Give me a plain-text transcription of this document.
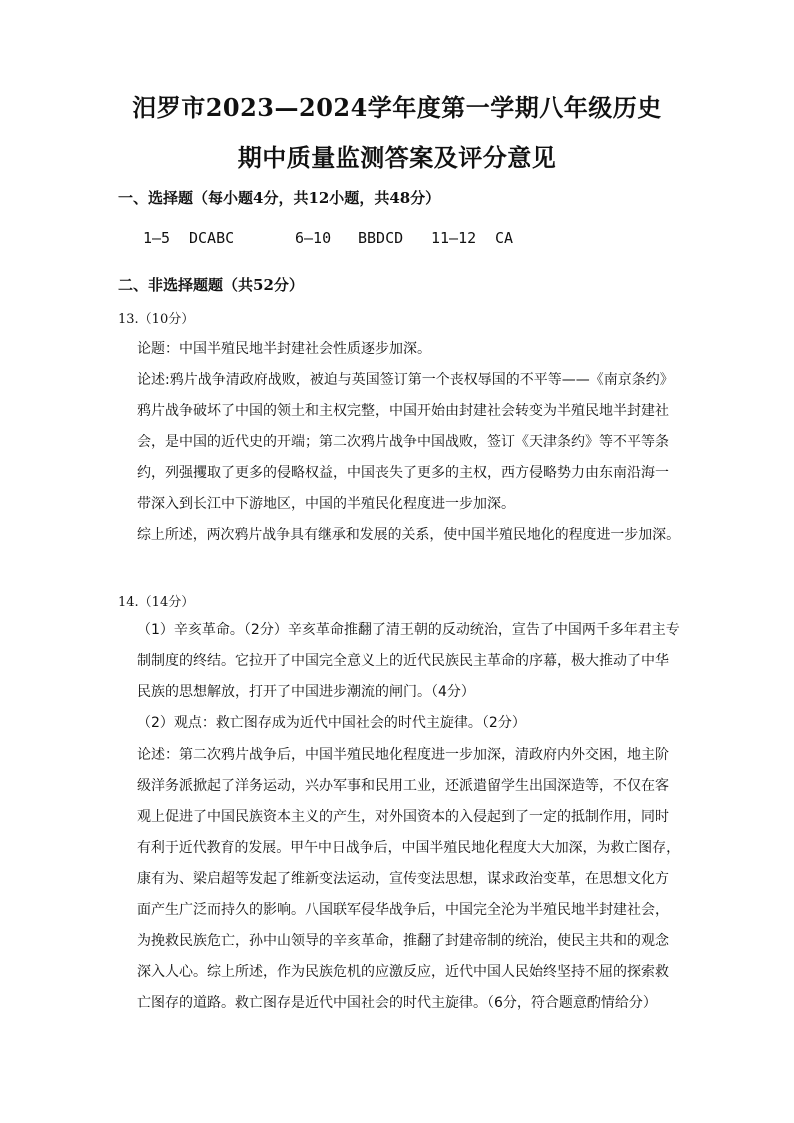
汨罗市2023—2024学年度第一学期八年级历史
期中质量监测答案及评分意见
一、选择题（每小题4分，共12小题，共48分）
1—5 DCABC	6—10 BBDCD 11—12 CA
二、非选择题题（共52分）
13.（10分）
论题：中国半殖民地半封建社会性质逐步加深。
论述:鸦片战争清政府战败，被迫与英国签订第一个丧权辱国的不平等——《南京条约》
鸦片战争破坏了中国的领土和主权完整，中国开始由封建社会转变为半殖民地半封建社
会，是中国的近代史的开端；第二次鸦片战争中国战败，签订《天津条约》等不平等条
约，列强攫取了更多的侵略权益，中国丧失了更多的主权，西方侵略势力由东南沿海一
带深入到长江中下游地区，中国的半殖民化程度进一步加深。
综上所述，两次鸦片战争具有继承和发展的关系，使中国半殖民地化的程度进一步加深。
14.（14分）
（1）辛亥革命。（2分）辛亥革命推翻了清王朝的反动统治，宣告了中国两千多年君主专
制制度的终结。它拉开了中国完全意义上的近代民族民主革命的序幕，极大推动了中华
民族的思想解放，打开了中国进步潮流的闸门。（4分）
（2）观点：救亡图存成为近代中国社会的时代主旋律。（2分）
论述：第二次鸦片战争后，中国半殖民地化程度进一步加深，清政府内外交困，地主阶
级洋务派掀起了洋务运动，兴办军事和民用工业，还派遣留学生出国深造等，不仅在客
观上促进了中国民族资本主义的产生，对外国资本的入侵起到了一定的抵制作用，同时
有利于近代教育的发展。甲午中日战争后，中国半殖民地化程度大大加深，为救亡图存，
康有为、梁启超等发起了维新变法运动，宣传变法思想，谋求政治变革，在思想文化方
面产生广泛而持久的影响。八国联军侵华战争后，中国完全沦为半殖民地半封建社会，
为挽救民族危亡，孙中山领导的辛亥革命，推翻了封建帝制的统治，使民主共和的观念
深入人心。综上所述，作为民族危机的应激反应，近代中国人民始终坚持不屈的探索救
亡图存的道路。救亡图存是近代中国社会的时代主旋律。（6分，符合题意酌情给分）
